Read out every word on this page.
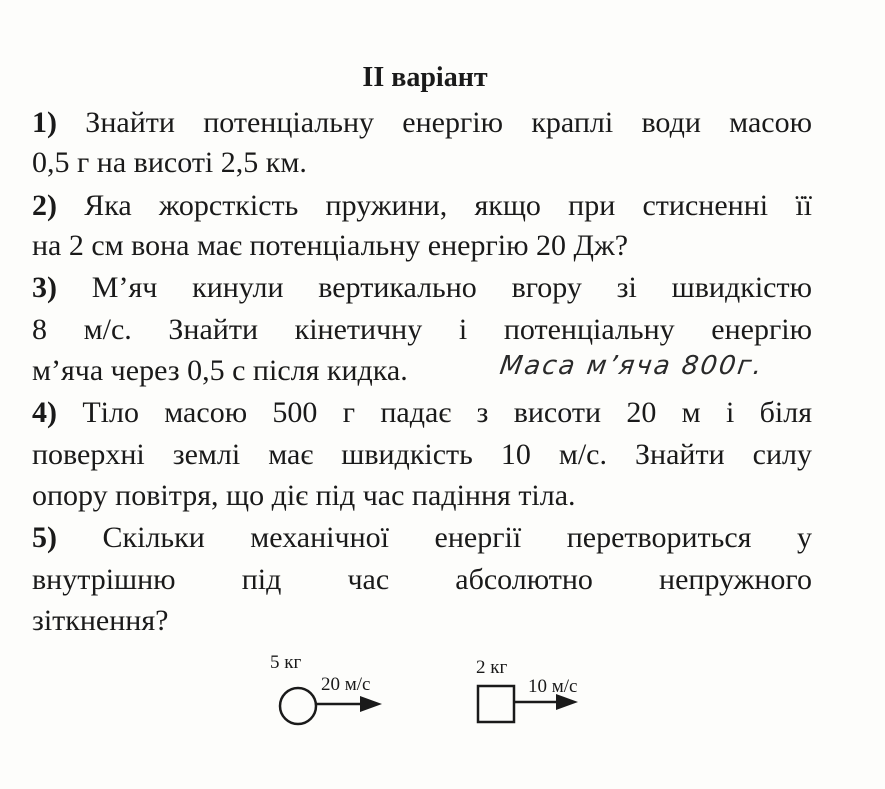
II варіант
1) Знайти потенціальну енергію краплі води масою
0,5 г на висоті 2,5 км.
2) Яка жорсткість пружини, якщо при стисненні її
на 2 см вона має потенціальну енергію 20 Дж?
3) М’яч кинули вертикально вгору зі швидкістю
8 м/с. Знайти кінетичну і потенціальну енергію
м’яча через 0,5 с після кидка.	Маса м’яча 800г.
4) Тіло масою 500 г падає з висоти 20 м і біля
поверхні землі має швидкість 10 м/с. Знайти силу
опору повітря, що діє під час падіння тіла.
5) Скільки механічної енергії перетвориться у
внутрішню під час абсолютно непружного
зіткнення?
5 кг
20 м/с
2 кг
10 м/с
